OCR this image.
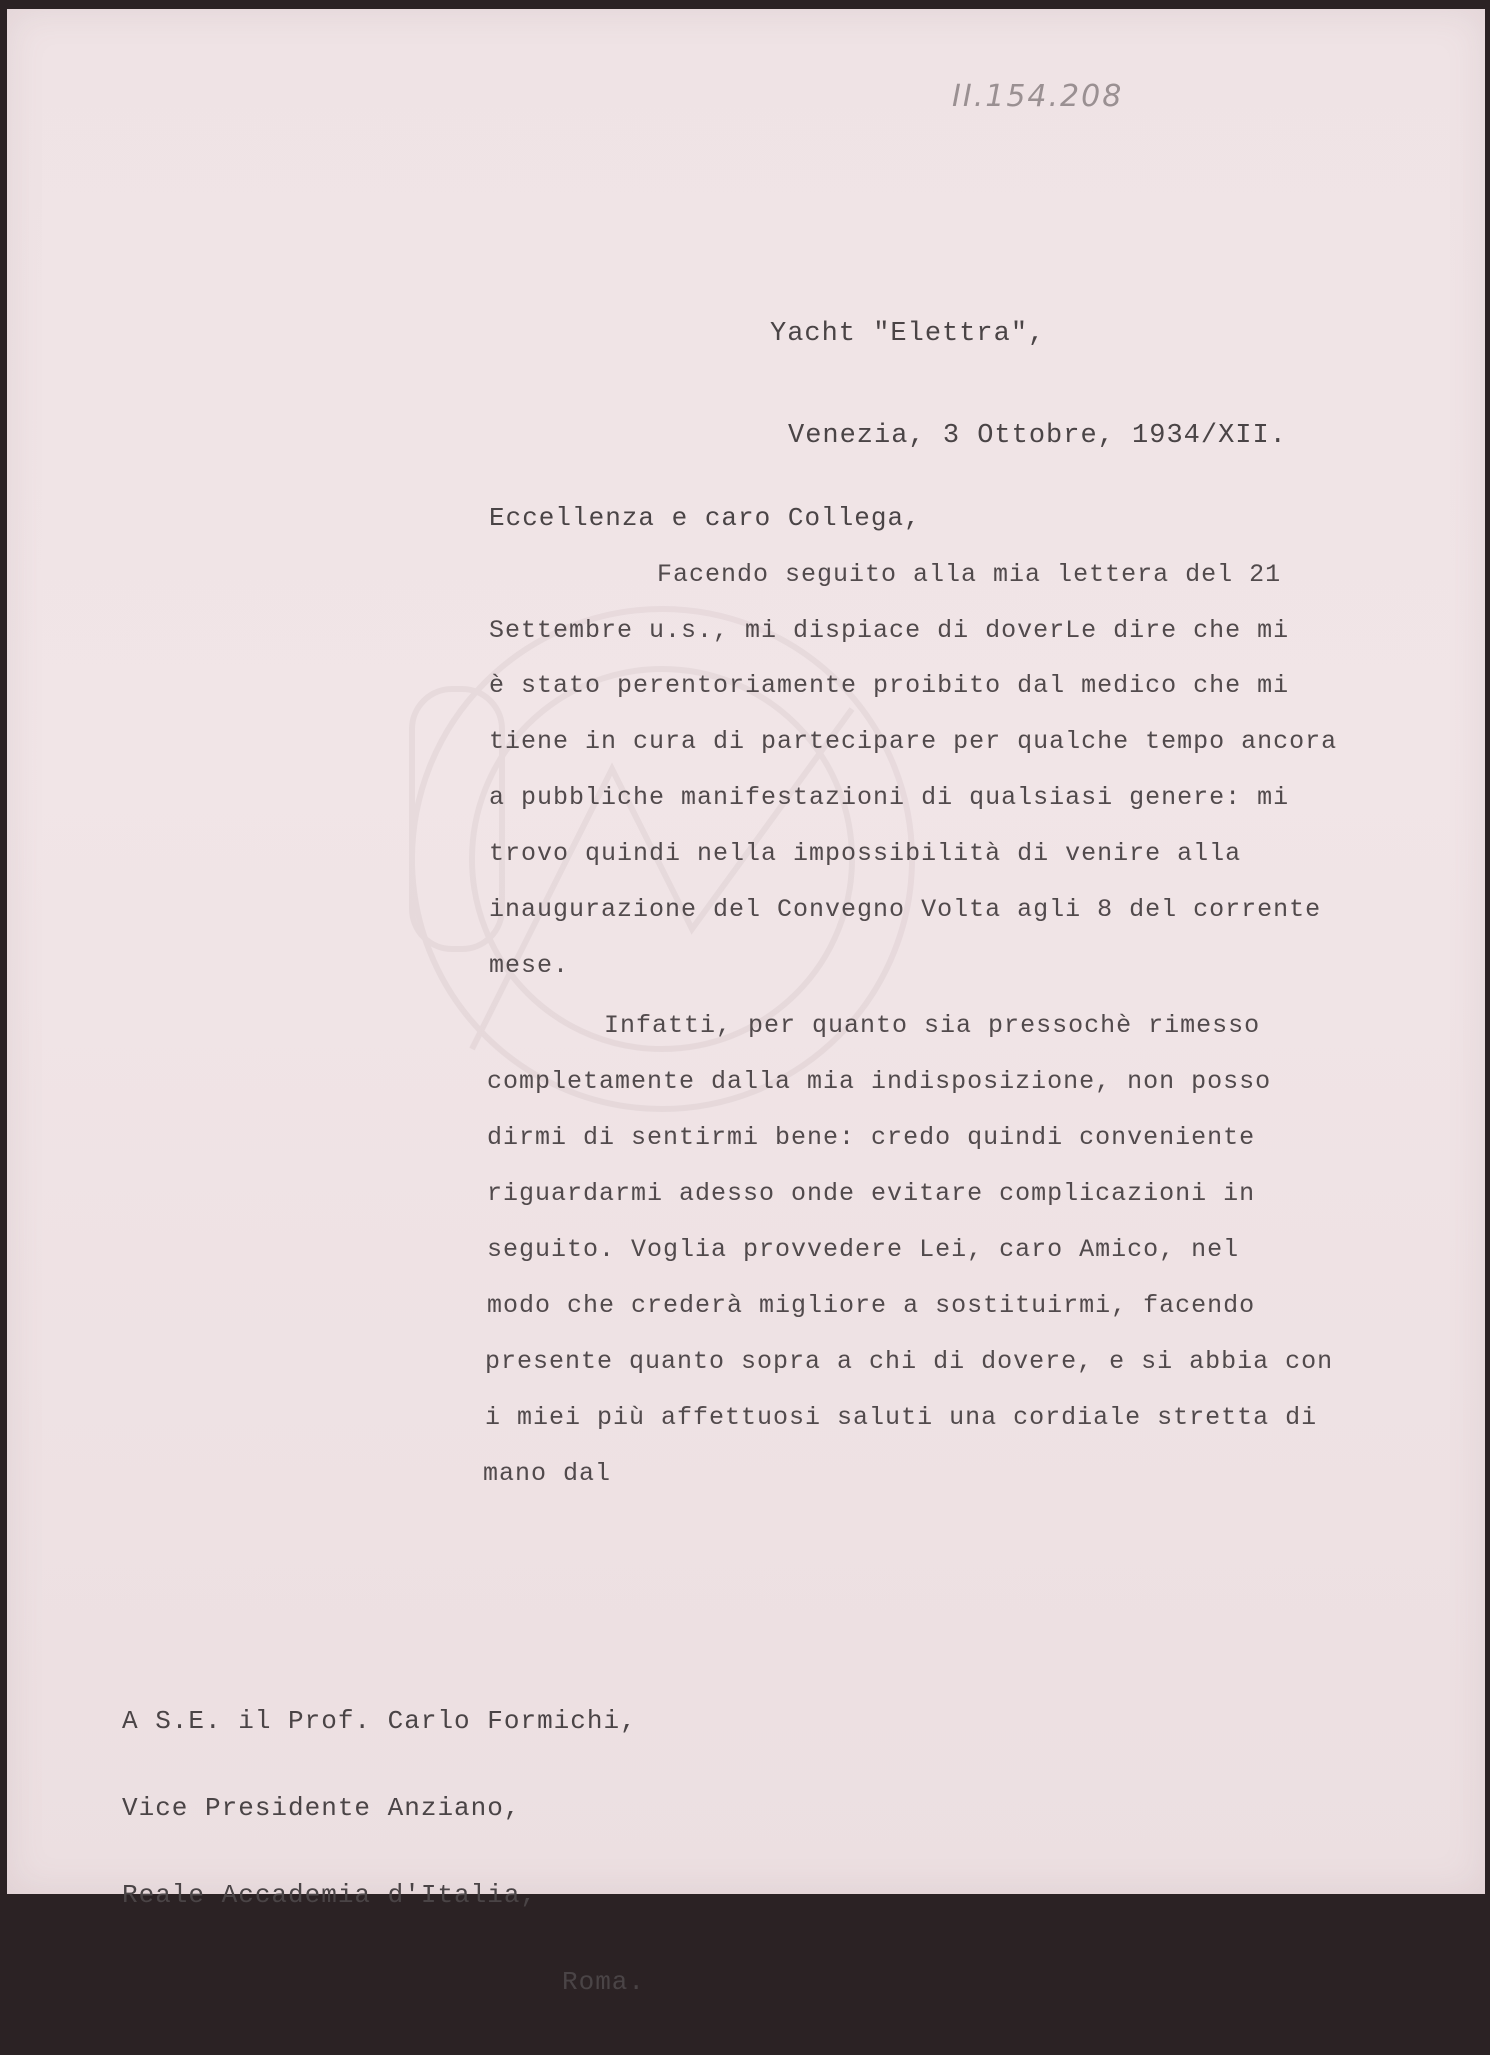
II.154.208

Yacht "Elettra",

Venezia, 3 Ottobre, 1934/XII.

Eccellenza e caro Collega,
Facendo seguito alla mia lettera del 21
Settembre u.s., mi dispiace di doverLe dire che mi
è stato perentoriamente proibito dal medico che mi
tiene in cura di partecipare per qualche tempo ancora
a pubbliche manifestazioni di qualsiasi genere: mi
trovo quindi nella impossibilità di venire alla
inaugurazione del Convegno Volta agli 8 del corrente
mese.
Infatti, per quanto sia pressochè rimesso
completamente dalla mia indisposizione, non posso
dirmi di sentirmi bene: credo quindi conveniente
riguardarmi adesso onde evitare complicazioni in
seguito. Voglia provvedere Lei, caro Amico, nel
modo che crederà migliore a sostituirmi, facendo
presente quanto sopra a chi di dovere, e si abbia con
i miei più affettuosi saluti una cordiale stretta di
mano dal

A S.E. il Prof. Carlo Formichi,

Vice Presidente Anziano,

Reale Accademia d'Italia,

Roma.
